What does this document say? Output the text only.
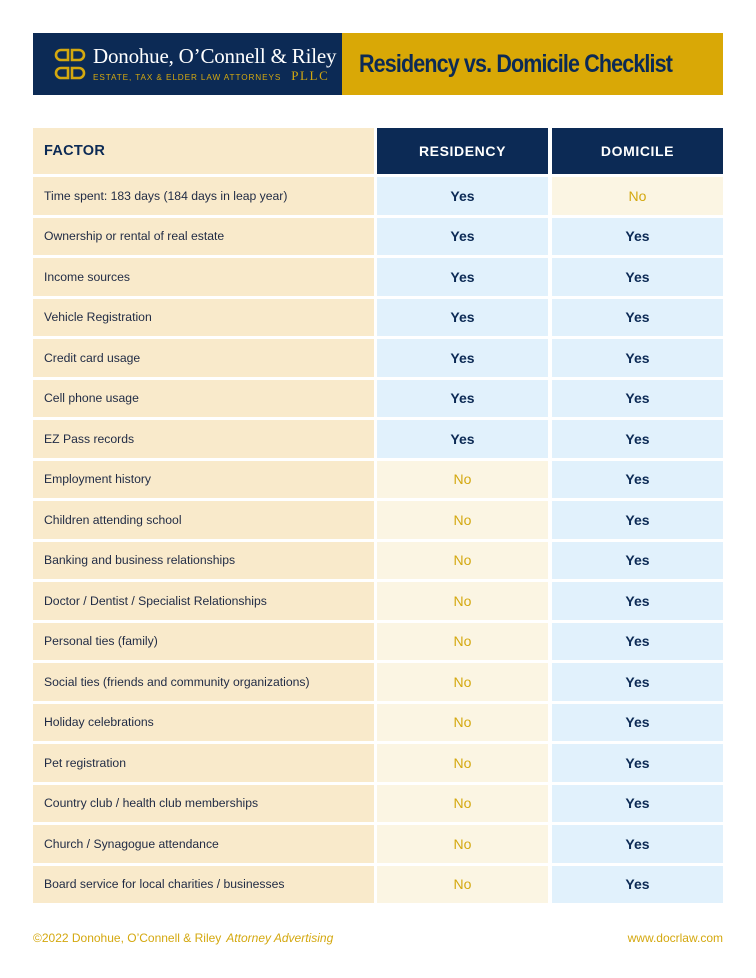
Donohue, O’Connell & Riley
ESTATE, TAX & ELDER LAW ATTORNEYS PLLC Residency vs. Domicile Checklist
FACTOR	RESIDENCY	DOMICILE
Time spent: 183 days (184 days in leap year)	Yes	No
Ownership or rental of real estate	Yes	Yes
Income sources	Yes	Yes
Vehicle Registration	Yes	Yes
Credit card usage	Yes	Yes
Cell phone usage	Yes	Yes
EZ Pass records	Yes	Yes
Employment history	No	Yes
Children attending school	No	Yes
Banking and business relationships	No	Yes
Doctor / Dentist / Specialist Relationships	No	Yes
Personal ties (family)	No	Yes
Social ties (friends and community organizations)	No	Yes
Holiday celebrations	No	Yes
Pet registration	No	Yes
Country club / health club memberships	No	Yes
Church / Synagogue attendance	No	Yes
Board service for local charities / businesses	No	Yes
©2022 Donohue, O’Connell & Riley Attorney Advertising	www.docrlaw.com
